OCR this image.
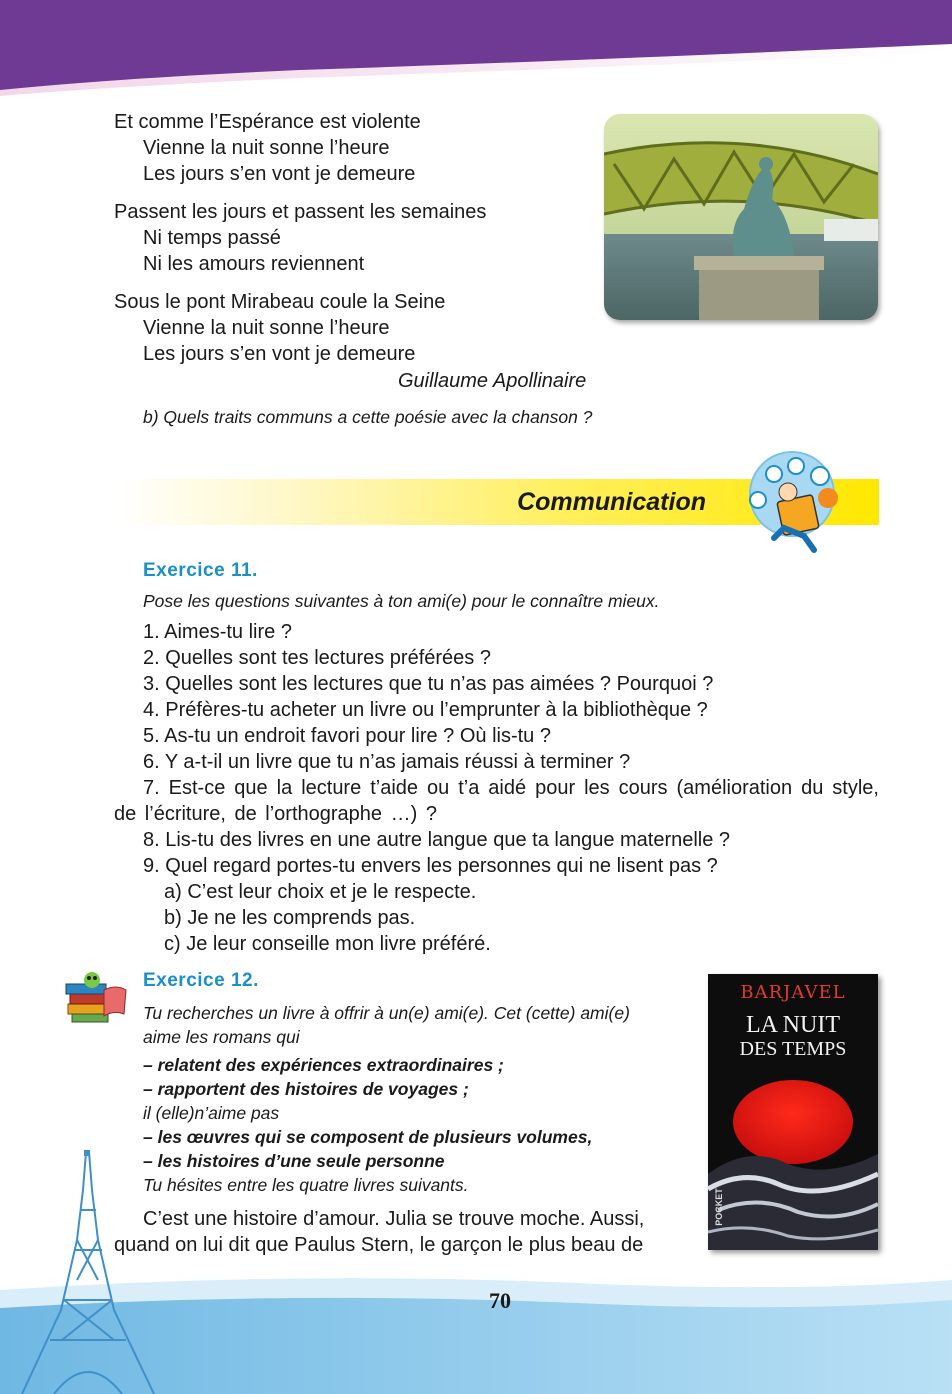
Et comme l’Espérance est violente
Vienne la nuit sonne l’heure
Les jours s’en vont je demeure
Passent les jours et passent les semaines
Ni temps passé
Ni les amours reviennent
Sous le pont Mirabeau coule la Seine
Vienne la nuit sonne l’heure
Les jours s’en vont je demeure
Guillaume Apollinaire
b) Quels traits communs a cette poésie avec la chanson ?
Communication
Exercice 11.
Pose les questions suivantes à ton ami(e) pour le connaître mieux.
1. Aimes-tu lire ?
2. Quelles sont tes lectures préférées ?
3. Quelles sont les lectures que tu n’as pas aimées ? Pourquoi ?
4. Préfères-tu acheter un livre ou l’emprunter à la bibliothèque ?
5. As-tu un endroit favori pour lire ? Où lis-tu ?
6. Y a-t-il un livre que tu n’as jamais réussi à terminer ?
7. Est-ce que la lecture t’aide ou t’a aidé pour les cours (amélioration du style, de l’écriture, de l’orthographe …) ?
8. Lis-tu des livres en une autre langue que ta langue maternelle ?
9. Quel regard portes-tu envers les personnes qui ne lisent pas ?
a) C’est leur choix et je le respecte.
b) Je ne les comprends pas.
c) Je leur conseille mon livre préféré.
Exercice 12.
Tu recherches un livre à offrir à un(e) ami(e). Cet (cette) ami(e)
aime les romans qui
– relatent des expériences extraordinaires ;
– rapportent des histoires de voyages ;
il (elle)n’aime pas
– les œuvres qui se composent de plusieurs volumes,
– les histoires d’une seule personne
Tu hésites entre les quatre livres suivants.
C’est une histoire d’amour. Julia se trouve moche. Aussi,
quand on lui dit que Paulus Stern, le garçon le plus beau de
BARJAVEL
LA NUIT
DES TEMPS
POCKET
70
